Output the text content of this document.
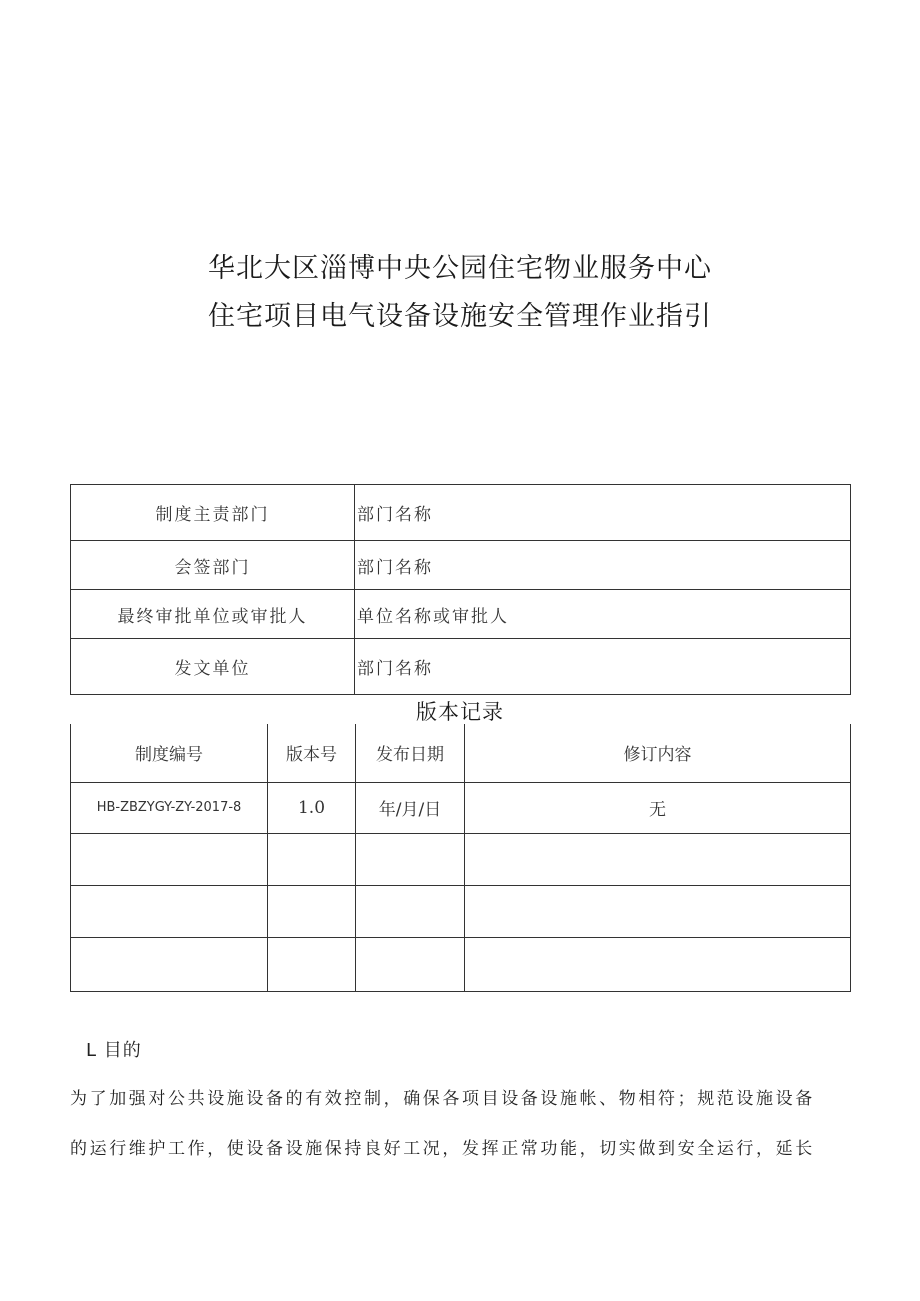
华北大区淄博中央公园住宅物业服务中心
住宅项目电气设备设施安全管理作业指引
制度主责部门	部门名称
会签部门	部门名称
最终审批单位或审批人	单位名称或审批人
发文单位	部门名称
版本记录
制度编号	版本号	发布日期	修订内容
HB-ZBZYGY-ZY-2017-8	1.0	年/月/日	无

L 目的
为了加强对公共设施设备的有效控制，确保各项目设备设施帐、物相符；规范设施设备
的运行维护工作，使设备设施保持良好工况，发挥正常功能，切实做到安全运行，延长
